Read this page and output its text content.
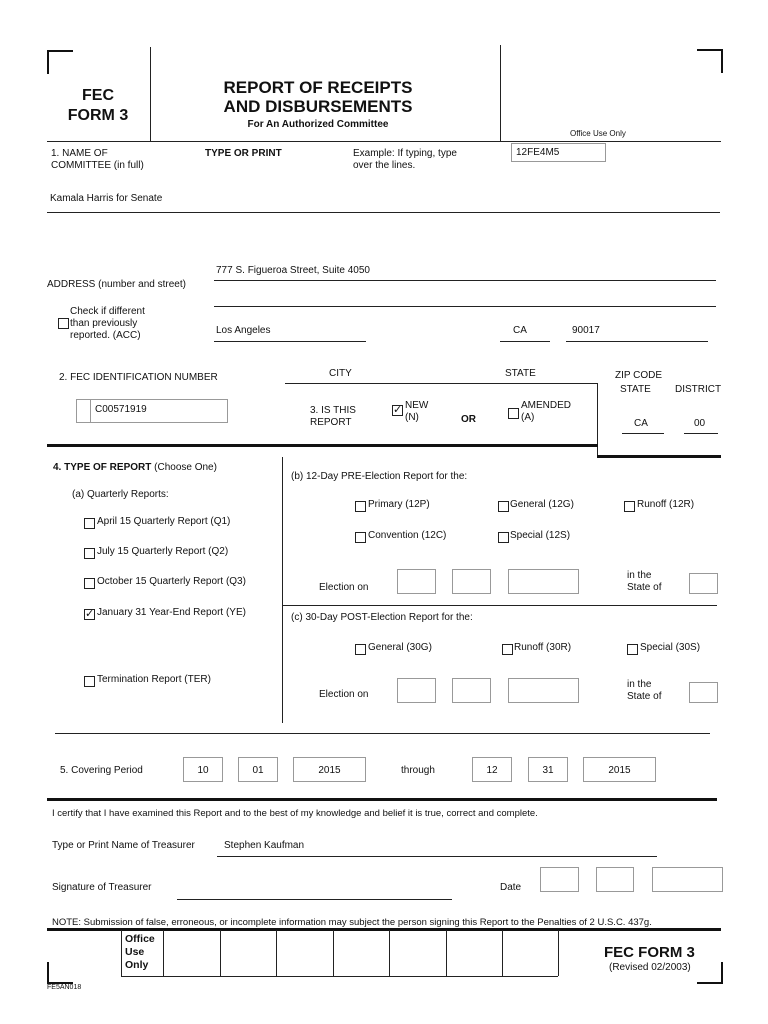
FEC
FORM 3
REPORT OF RECEIPTS
AND DISBURSEMENTS
For An Authorized Committee
Office Use Only
1. NAME OF
COMMITTEE (in full)
TYPE OR PRINT	Example: If typing, type
over the lines.
12FE4M5
Kamala Harris for Senate
777 S. Figueroa Street, Suite 4050
ADDRESS (number and street)
Check if different
than previously
reported. (ACC)	Los Angeles	CA	90017
2. FEC IDENTIFICATION NUMBER	CITY	STATE	ZIP CODE
STATE DISTRICT
C00571919	3. IS THIS
REPORT
✓ NEW
(N)	OR
AMENDED
(A)
CA	00
4. TYPE OF REPORT (Choose One)
(a) Quarterly Reports:
April 15 Quarterly Report (Q1)
July 15 Quarterly Report (Q2)
October 15 Quarterly Report (Q3)
✓ January 31 Year-End Report (YE)
Termination Report (TER)
(b) 12-Day PRE-Election Report for the:
Primary (12P)	General (12G)	Runoff (12R)
Convention (12C)	Special (12S)
Election on
in the
State of
(c) 30-Day POST-Election Report for the:
General (30G)	Runoff (30R)	Special (30S)
Election on
in the
State of
5. Covering Period	10	01	2015	through	12	31	2015
I certify that I have examined this Report and to the best of my knowledge and belief it is true, correct and complete.
Type or Print Name of Treasurer	Stephen Kaufman
Signature of Treasurer	Date
NOTE: Submission of false, erroneous, or incomplete information may subject the person signing this Report to the Penalties of 2 U.S.C. 437g.
Office
Use
Only
FEC FORM 3
(Revised 02/2003)
FE5AN018
